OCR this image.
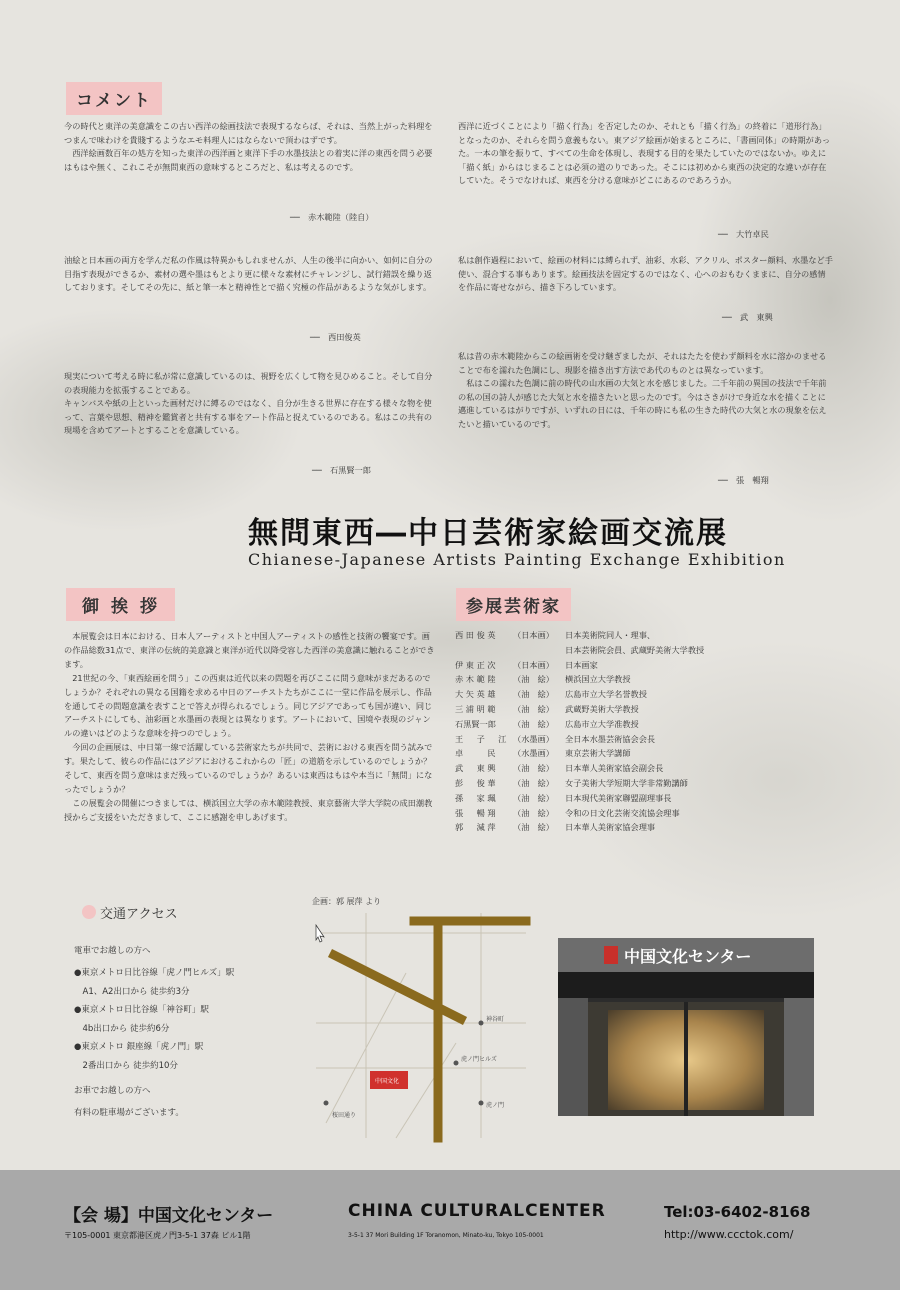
コメント
今の時代と東洋の美意識をこの古い西洋の絵画技法で表現するならば、それは、当然上がった料理をつまんで味わけを貴賤するようなエモ料理人にはならないで頂わはずです。
　西洋絵画数百年の処方を知った東洋の西洋画と東洋下手の水墨技法との着実に洋の東西を問う必要はもはや無く、これこそが無問東西の意味するところだと、私は考えるのです。
──　赤木範陸（陸自）
油絵と日本画の両方を学んだ私の作風は特異かもしれませんが、人生の後半に向かい、如何に自分の目指す表現ができるか、素材の選や墨はもとより更に様々な素材にチャレンジし、試行錯誤を繰り返しております。そしてその先に、紙と筆一本と精神性とで描く究極の作品があるような気がします。
──　西田俊英
現実について考える時に私が常に意識しているのは、視野を広くして物を見ひめること。そして自分の表現能力を拡張することである。
キャンバスや紙の上といった画材だけに縛るのではなく、自分が生きる世界に存在する様々な物を使って、言葉や思想、精神を鑑賞者と共有する事をアート作品と捉えているのである。私はこの共有の現場を含めてアートとすることを意識している。
──　石黒賢一郎
西洋に近づくことにより「描く行為」を否定したのか、それとも「描く行為」の終着に「道形行為」となったのか、それらを問う意義もない。東アジア絵画が始まるところに、「書画同体」の時期があった。一本の筆を振りて、すべての生命を体現し、表現する目的を果たしていたのではないか。ゆえに「描く紙」からはじまることは必須の道のりであった。そこには初めから東西の決定的な違いが存在していた。そうでなければ、東西を分ける意味がどこにあるのであろうか。
──　大竹卓民
私は創作過程において、絵画の材料には縛られず、油彩、水彩、アクリル、ポスター顔料、水墨など手使い、混合する事もあります。絵画技法を固定するのではなく、心へのおもむくままに、自分の感情を作品に寄せながら、描き下ろしています。
──　武　東興
私は昔の赤木範陸からこの絵画術を受け継ぎましたが、それはたたを使わず顔料を水に溶かのませることで布を濡れた色調にし、現影を描き出す方法であ代のものとは異なっています。
　私はこの濡れた色調に前の時代の山水画の大気と水を感じました。二千年前の異国の技法で千年前の私の国の詩人が感じた大気と水を描きたいと思ったのです。今はさきがけで身近な水を描くことに邁進しているはがりですが、いずれの日には、千年の時にも私の生きた時代の大気と水の現象を伝えたいと描いているのです。
──　張　暢翔
無問東西―中日芸術家絵画交流展
Chianese-Japanese Artists Painting Exchange Exhibition
御挨拶
　本展覧会は日本における、日本人アーティストと中国人アーティストの感性と技術の饗宴です。画の作品総数31点で、東洋の伝統的美意識と東洋が近代以降受容した西洋の美意識に触れることができます。
　21世紀の今、「東西絵画を問う」この西東は近代以来の問題を再びここに問う意味がまだあるのでしょうか？それぞれの異なる国籍を求める中日のアーチストたちがここに一堂に作品を展示し、作品を通してその問題意識を表すことで答えが得られるでしょう。同じアジアであっても国が違い、同じアーチストにしても、油彩画と水墨画の表現とは異なります。アートにおいて、国境や表現のジャンルの違いはどのような意味を持つのでしょう。
　今回の企画展は、中日第一線で活躍している芸術家たちが共同で、芸術における東西を問う試みです。果たして、彼らの作品にはアジアにおけるこれからの「匠」の道筋を示しているのでしょうか？そして、東西を問う意味はまだ残っているのでしょうか？あるいは東西はもはや本当に「無問」になったでしょうか？
　この展覧会の開催につきましては、横浜国立大学の赤木範陸教授、東京藝術大学大学院の成田潮教授からご支援をいただきまして、ここに感謝を申しあげます。
参展芸術家
西 田 俊 英 （日本画） 日本美術院同人・理事、
日本芸術院会員、武蔵野美術大学教授
伊 東 正 次 （日本画） 日本画家
赤 木 範 陸 （油　絵） 横浜国立大学教授
大 矢 英 雄 （油　絵） 広島市立大学名誉教授
三 浦 明 範 （油　絵） 武蔵野美術大学教授
石黒賢一郎 （油　絵） 広島市立大学准教授
王 　 子 　 江 （水墨画） 全日本水墨芸術協会会長
卓 　 　 民 （水墨画） 東京芸術大学講師
武 　 東 興 （油　絵） 日本華人美術家協会副会長
彭 　 俊 華 （油　絵） 女子美術大学短期大学非常勤講師
孫 　 家 珮 （油　絵） 日本現代美術家聯盟副理事長
張 　 暢 翔 （油　絵） 令和の日文化芸術交流協会理事
郭 　 減 萍 （油　絵） 日本華人美術家協会理事
交通アクセス
電車でお越しの方へ
●東京メトロ日比谷線「虎ノ門ヒルズ」駅
　A1、A2出口から 徒歩約3分
●東京メトロ日比谷線「神谷町」駅
　4b出口から 徒歩約6分
●東京メトロ 銀座線「虎ノ門」駅
　2番出口から 徒歩約10分
お車でお越しの方へ
有料の駐車場がございます。
企画：郭 展萍 より
中国文化
神谷町
虎ノ門ヒルズ
虎ノ門
桜田通り
中国文化センター
【会 場】中国文化センター	CHINA CULTURALCENTER	Tel:03-6402-8168
〒105-0001 東京都港区虎ノ門3-5-1 37森 ビル1階	3-5-1 37 Mori Building 1F Toranomon, Minato-ku, Tokyo 105-0001	http://www.ccctok.com/
